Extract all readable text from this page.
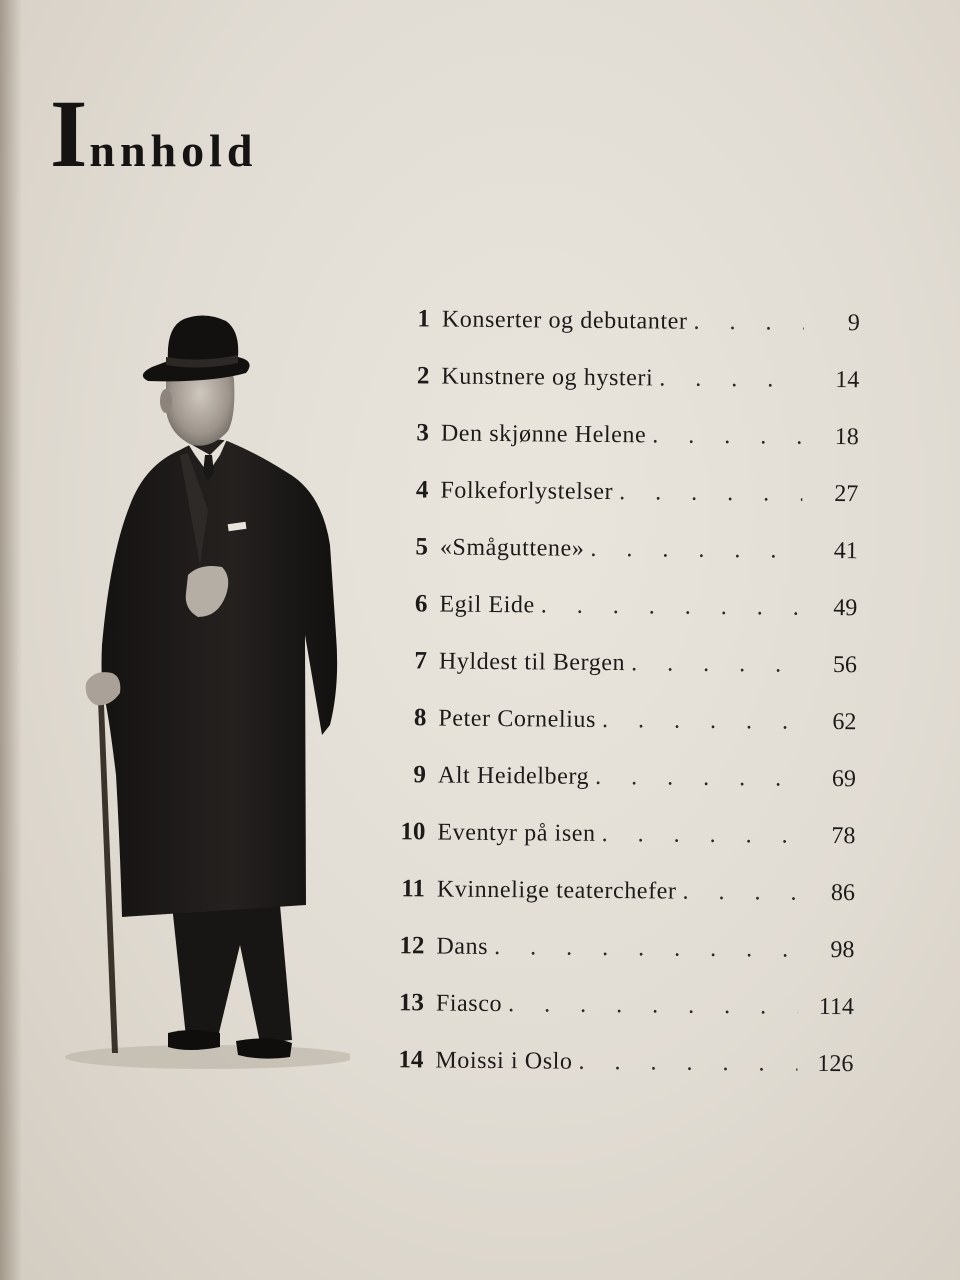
Innhold
1 Konserter og debutanter . . .	9
2 Kunstnere og hysteri . . .	14
3 Den skjønne Helene . . .	18
4 Folkeforlystelser . . .	27
5 «Småguttene» . . .	41
6 Egil Eide . . .	49
7 Hyldest til Bergen . . .	56
8 Peter Cornelius . . .	62
9 Alt Heidelberg . . .	69
10 Eventyr på isen . . .	78
11 Kvinnelige teaterchefer . . .	86
12 Dans . . .	98
13 Fiasco . . .	114
14 Moissi i Oslo . . .	126
